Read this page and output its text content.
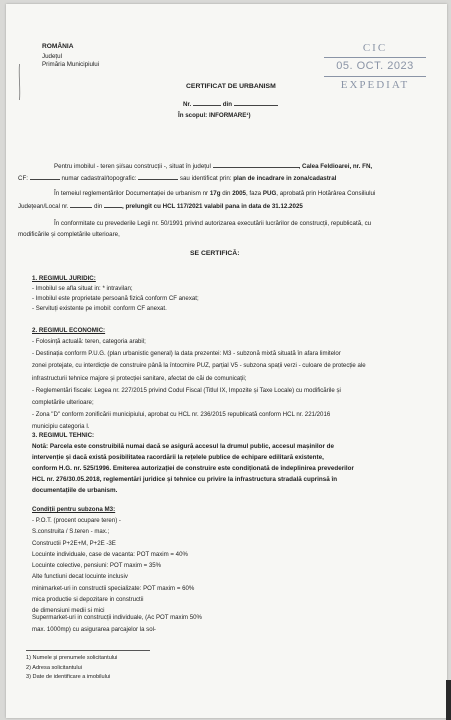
ROMÂNIA
Județul
Primăria Municipiului
CIC
05. OCT. 2023
EXPEDIAT
CERTIFICAT DE URBANISM
Nr.	din
În scopul: INFORMARE¹)
Pentru imobilul - teren și/sau construcții -, situat în județul	, Calea Feldioarei, nr. FN,
CF:	numar cadastral/topografic:	sau identificat prin: plan de incadrare in zona/cadastral
În temeiul reglementărilor Documentației de urbanism nr 17g din 2005, faza PUG, aprobată prin Hotărârea Consiliului
Județean/Local nr.	din	, prelungit cu HCL 117/2021 valabil pana in data de 31.12.2025
În conformitate cu prevederile Legii nr. 50/1991 privind autorizarea executării lucrărilor de construcții, republicată, cu
modificările și completările ulterioare,
SE CERTIFICĂ:
1. REGIMUL JURIDIC:
- Imobilul se afla situat in: * intravilan;
- Imobilul este proprietate persoană fizică conform CF anexat;
- Servituți existente pe imobil: conform CF anexat.
2. REGIMUL ECONOMIC:
- Folosință actuală: teren, categoria arabil;
- Destinația conform P.U.G. (plan urbanistic general) la data prezentei: M3 - subzonă mixtă situată în afara limitelor
zonei protejate, cu interdicție de construire până la întocmire PUZ, parțial V5 - subzona spații verzi - culoare de protecție ale
infrastructurii tehnice majore și protecției sanitare, afectat de căi de comunicații;
- Reglementări fiscale: Legea nr. 227/2015 privind Codul Fiscal (Titlul IX, Impozite și Taxe Locale) cu modificările și
completările ulterioare;
- Zona "D" conform zonificării municipiului, aprobat cu HCL nr. 236/2015 republicată conform HCL nr. 221/2016
municipiu categoria I.
3. REGIMUL TEHNIC:
Notă: Parcela este construibilă numai dacă se asigură accesul la drumul public, accesul mașinilor de
intervenție și dacă există posibilitatea racordării la rețelele publice de echipare edilitară existente,
conform H.G. nr. 525/1996. Emiterea autorizației de construire este condiționată de îndeplinirea prevederilor
HCL nr. 276/30.05.2018, reglementări juridice și tehnice cu privire la infrastructura stradală cuprinsă în
documentațiile de urbanism.
Condiții pentru subzona M3:
- P.O.T. (procent ocupare teren) -
S.construita / S.teren - max.;
Constructii P+2E+M, P+2E -3E
Locuinte individuale, case de vacanta: POT maxim = 40%
Locuinte colective, pensiuni: POT maxim = 35%
Alte functiuni decat locuinte inclusiv
minimarket-uri in constructii specializate: POT maxim = 60%
mica productie si depozitare in constructii
de dimensiuni medii si mici
Supermarket-uri in construcții individuale, (Ac POT maxim 50%
max. 1000mp) cu asigurarea parcajelor la sol-
1) Numele și prenumele solicitantului
2) Adresa solicitantului
3) Date de identificare a imobilului
